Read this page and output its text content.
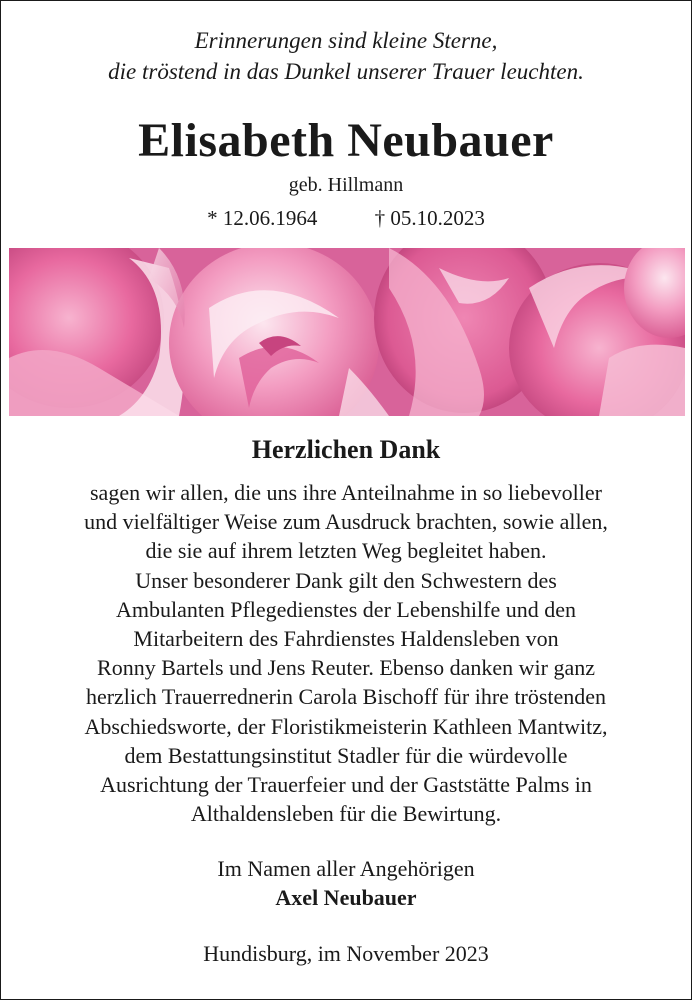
Erinnerungen sind kleine Sterne,
die tröstend in das Dunkel unserer Trauer leuchten.
Elisabeth Neubauer
geb. Hillmann
* 12.06.1964	† 05.10.2023
Herzlichen Dank
sagen wir allen, die uns ihre Anteilnahme in so liebevoller
und vielfältiger Weise zum Ausdruck brachten, sowie allen,
die sie auf ihrem letzten Weg begleitet haben.
Unser besonderer Dank gilt den Schwestern des
Ambulanten Pflegedienstes der Lebenshilfe und den
Mitarbeitern des Fahrdienstes Haldensleben von
Ronny Bartels und Jens Reuter. Ebenso danken wir ganz
herzlich Trauerrednerin Carola Bischoff für ihre tröstenden
Abschiedsworte, der Floristikmeisterin Kathleen Mantwitz,
dem Bestattungsinstitut Stadler für die würdevolle
Ausrichtung der Trauerfeier und der Gaststätte Palms in
Althaldensleben für die Bewirtung.
Im Namen aller Angehörigen
Axel Neubauer
Hundisburg, im November 2023
